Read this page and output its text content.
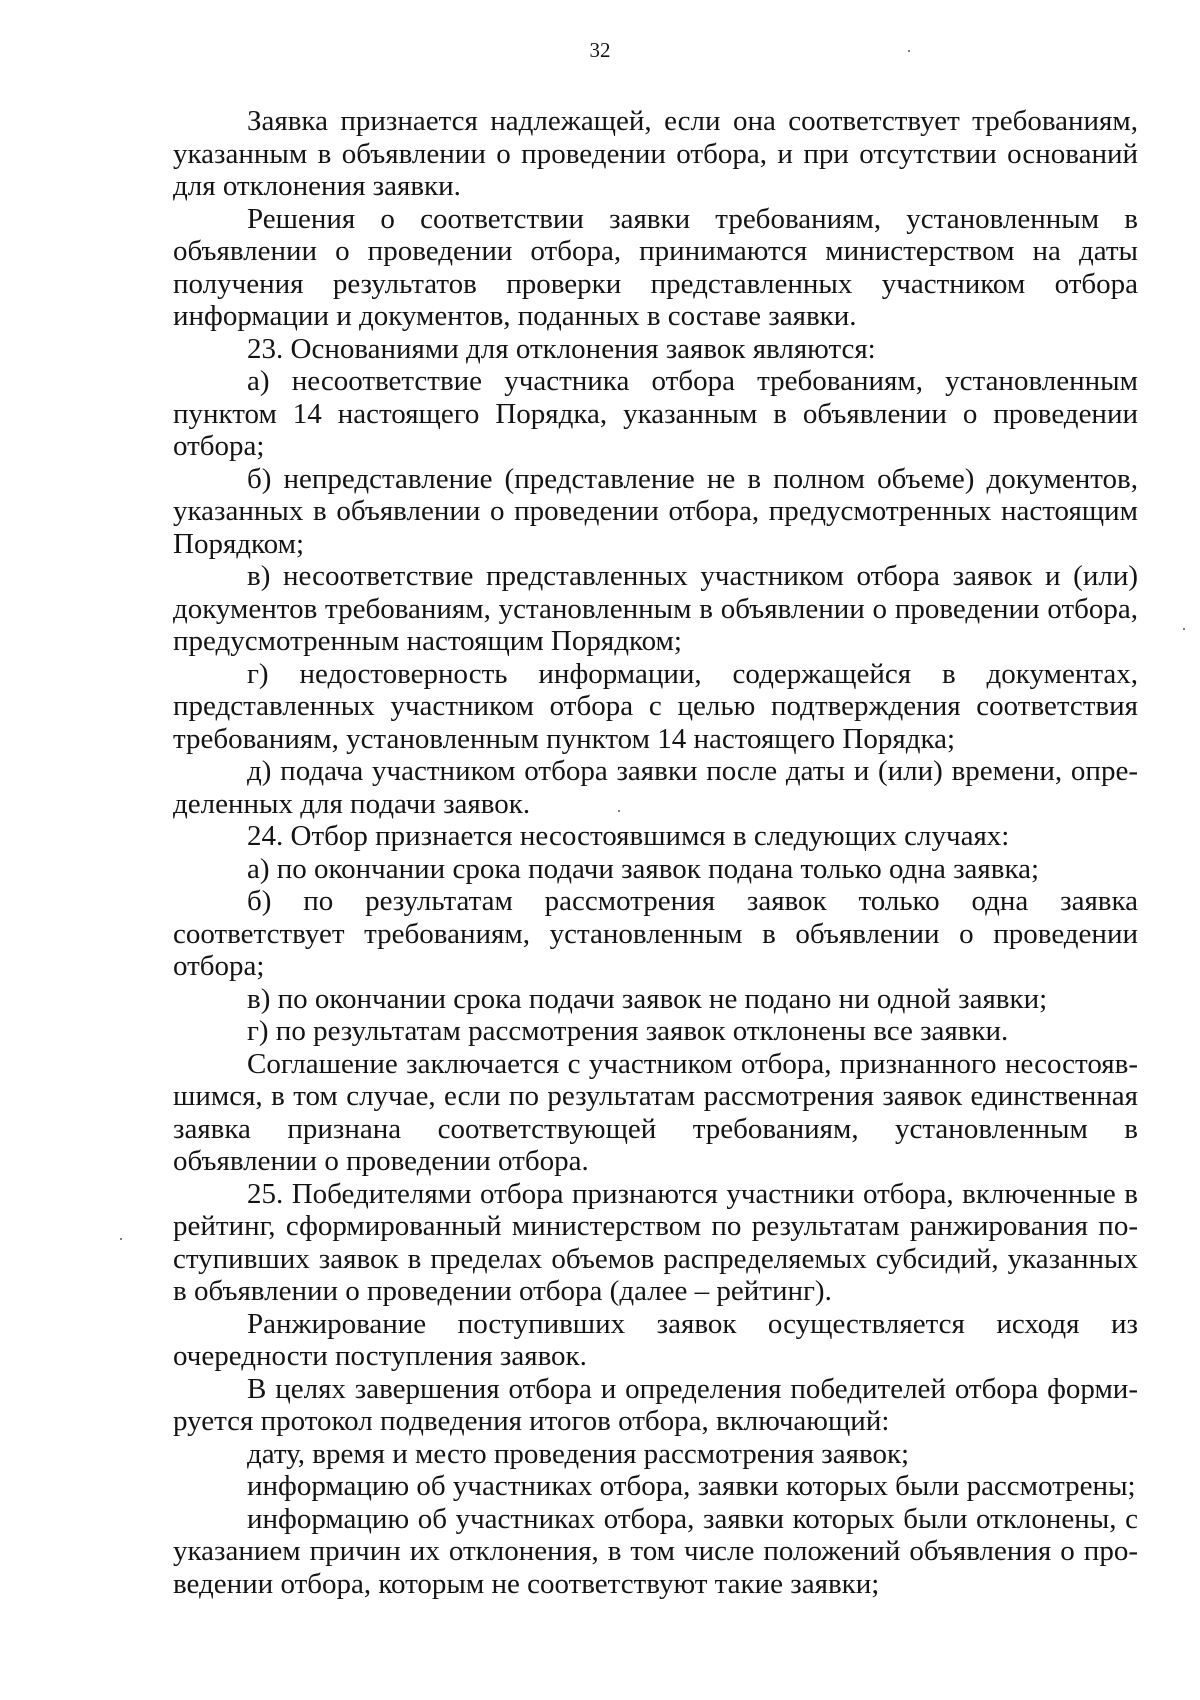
32

Заявка признается надлежащей, если она соответствует требованиям, указанным в объявлении о проведении отбора, и при отсутствии оснований для отклонения заявки.

Решения о соответствии заявки требованиям, установленным в объявлении о проведении отбора, принимаются министерством на даты получения результатов проверки представленных участником отбора информации и документов, поданных в составе заявки.

23. Основаниями для отклонения заявок являются:

а) несоответствие участника отбора требованиям, установленным пунктом 14 настоящего Порядка, указанным в объявлении о проведении отбора;

б) непредставление (представление не в полном объеме) документов, указанных в объявлении о проведении отбора, предусмотренных настоящим Порядком;

в) несоответствие представленных участником отбора заявок и (или) документов требованиям, установленным в объявлении о проведении отбора, предусмотренным настоящим Порядком;

г) недостоверность информации, содержащейся в документах, представленных участником отбора с целью подтверждения соответствия требованиям, установленным пунктом 14 настоящего Порядка;

д) подача участником отбора заявки после даты и (или) времени, определенных для подачи заявок.

24. Отбор признается несостоявшимся в следующих случаях:

а) по окончании срока подачи заявок подана только одна заявка;

б) по результатам рассмотрения заявок только одна заявка соответствует требованиям, установленным в объявлении о проведении отбора;

в) по окончании срока подачи заявок не подано ни одной заявки;

г) по результатам рассмотрения заявок отклонены все заявки.

Соглашение заключается с участником отбора, признанного несостоявшимся, в том случае, если по результатам рассмотрения заявок единственная заявка признана соответствующей требованиям, установленным в объявлении о проведении отбора.

25. Победителями отбора признаются участники отбора, включенные в рейтинг, сформированный министерством по результатам ранжирования поступивших заявок в пределах объемов распределяемых субсидий, указанных в объявлении о проведении отбора (далее – рейтинг).

Ранжирование поступивших заявок осуществляется исходя из очередности поступления заявок.

В целях завершения отбора и определения победителей отбора формируется протокол подведения итогов отбора, включающий:

дату, время и место проведения рассмотрения заявок;

информацию об участниках отбора, заявки которых были рассмотрены;

информацию об участниках отбора, заявки которых были отклонены, с указанием причин их отклонения, в том числе положений объявления о проведении отбора, которым не соответствуют такие заявки;
